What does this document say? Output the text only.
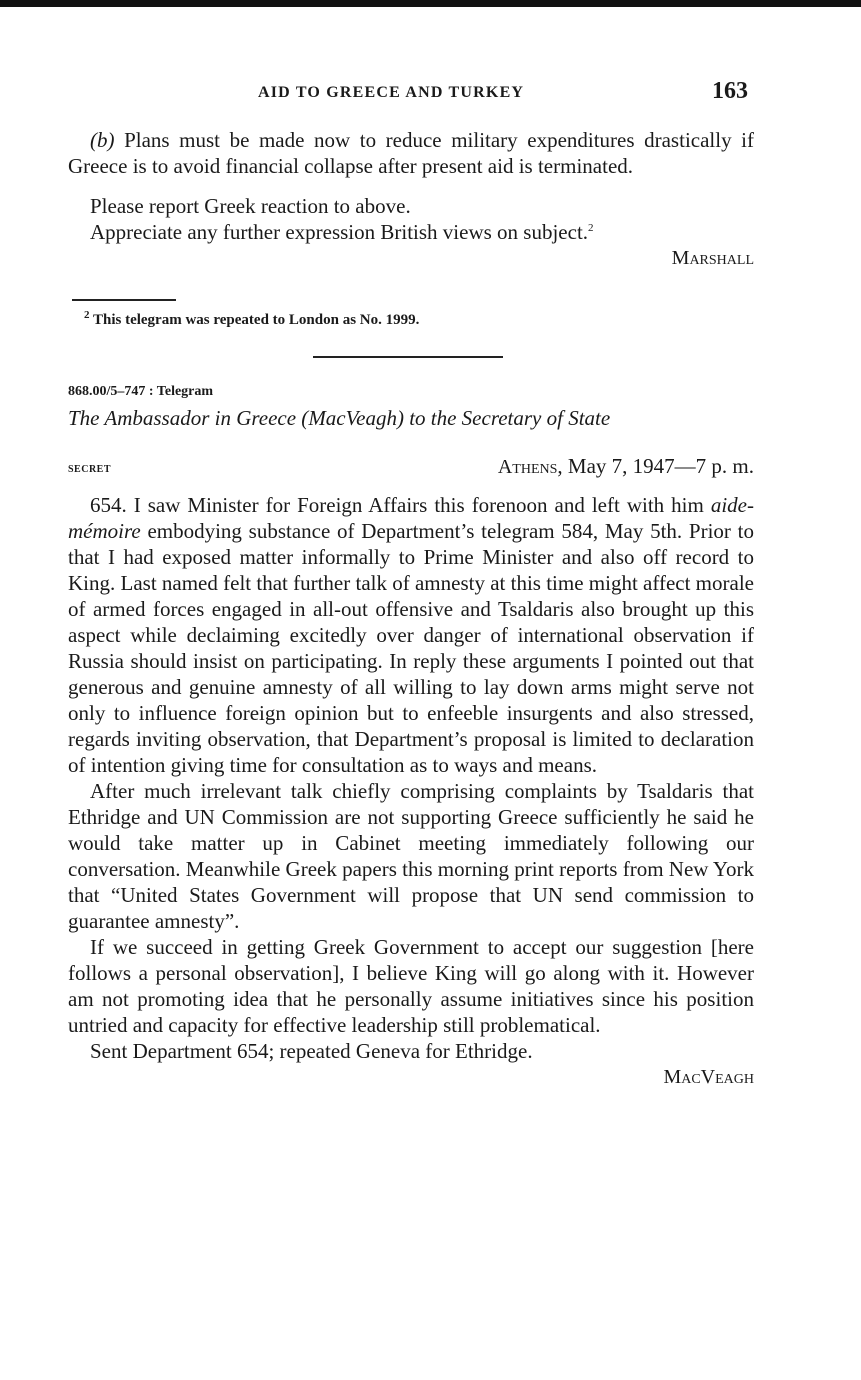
AID TO GREECE AND TURKEY	163

(b) Plans must be made now to reduce military expenditures drastically if Greece is to avoid financial collapse after present aid is terminated.

Please report Greek reaction to above.

Appreciate any further expression British views on subject.$^2$

Marshall

$^2$ This telegram was repeated to London as No. 1999.
868.00/5–747 : Telegram
The Ambassador in Greece (MacVeagh) to the Secretary of State
secret	Athens, May 7, 1947—7 p. m.

654. I saw Minister for Foreign Affairs this forenoon and left with him aide-mémoire embodying substance of Department’s telegram 584, May 5th. Prior to that I had exposed matter informally to Prime Minister and also off record to King. Last named felt that further talk of amnesty at this time might affect morale of armed forces engaged in all-out offensive and Tsaldaris also brought up this aspect while declaiming excitedly over danger of international observation if Russia should insist on participating. In reply these arguments I pointed out that generous and genuine amnesty of all willing to lay down arms might serve not only to influence foreign opinion but to enfeeble insurgents and also stressed, regards inviting observation, that Department’s proposal is limited to declaration of intention giving time for consultation as to ways and means.

After much irrelevant talk chiefly comprising complaints by Tsaldaris that Ethridge and UN Commission are not supporting Greece sufficiently he said he would take matter up in Cabinet meeting immediately following our conversation. Meanwhile Greek papers this morning print reports from New York that “United States Government will propose that UN send commission to guarantee amnesty”.

If we succeed in getting Greek Government to accept our suggestion [here follows a personal observation], I believe King will go along with it. However am not promoting idea that he personally assume initiatives since his position untried and capacity for effective leadership still problematical.

Sent Department 654; repeated Geneva for Ethridge.

MacVeagh
